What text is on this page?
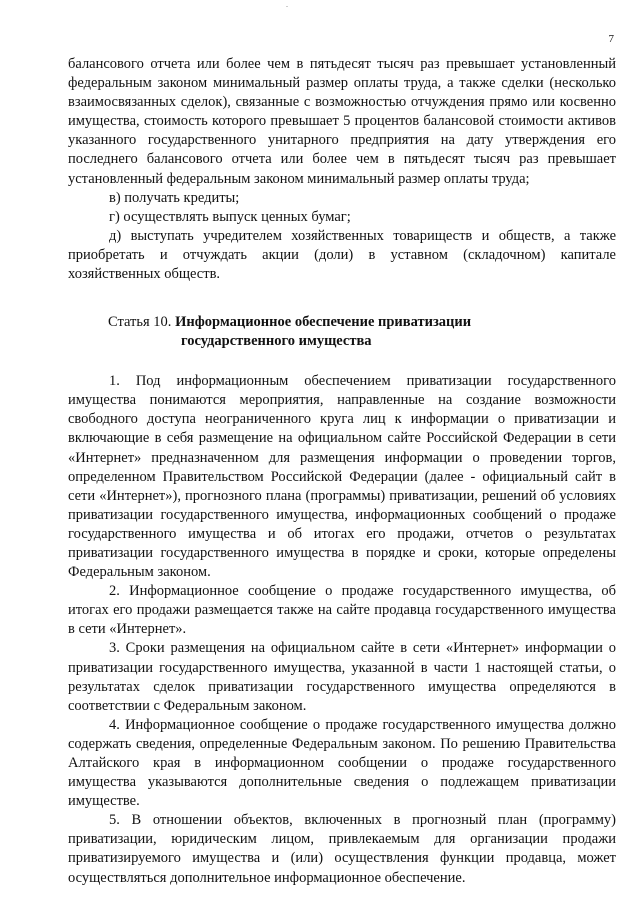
-
7

балансового отчета или более чем в пятьдесят тысяч раз превышает установленный федеральным законом минимальный размер оплаты труда, а также сделки (несколько взаимосвязанных сделок), связанные с возможностью отчуждения прямо или косвенно имущества, стоимость которого превышает 5 процентов балансовой стоимости активов указанного государственного унитарного предприятия на дату утверждения его последнего балансового отчета или более чем в пятьдесят тысяч раз превышает установленный федеральным законом минимальный размер оплаты труда;

в) получать кредиты;

г) осуществлять выпуск ценных бумаг;

д) выступать учредителем хозяйственных товариществ и обществ, а также приобретать и отчуждать акции (доли) в уставном (складочном) капитале хозяйственных обществ.

Статья 10. Информационное обеспечение приватизации
государственного имущества

1. Под информационным обеспечением приватизации государственного имущества понимаются мероприятия, направленные на создание возможности свободного доступа неограниченного круга лиц к информации о приватизации и включающие в себя размещение на официальном сайте Российской Федерации в сети «Интернет» предназначенном для размещения информации о проведении торгов, определенном Правительством Российской Федерации (далее - официальный сайт в сети «Интернет»), прогнозного плана (программы) приватизации, решений об условиях приватизации государственного имущества, информационных сообщений о продаже государственного имущества и об итогах его продажи, отчетов о результатах приватизации государственного имущества в порядке и сроки, которые определены Федеральным законом.

2. Информационное сообщение о продаже государственного имущества, об итогах его продажи размещается также на сайте продавца государственного имущества в сети «Интернет».

3. Сроки размещения на официальном сайте в сети «Интернет» информации о приватизации государственного имущества, указанной в части 1 настоящей статьи, о результатах сделок приватизации государственного имущества определяются в соответствии с Федеральным законом.

4. Информационное сообщение о продаже государственного имущества должно содержать сведения, определенные Федеральным законом. По решению Правительства Алтайского края в информационном сообщении о продаже государственного имущества указываются дополнительные сведения о подлежащем приватизации имуществе.

5. В отношении объектов, включенных в прогнозный план (программу) приватизации, юридическим лицом, привлекаемым для организации продажи приватизируемого имущества и (или) осуществления функции продавца, может осуществляться дополнительное информационное обеспечение.
